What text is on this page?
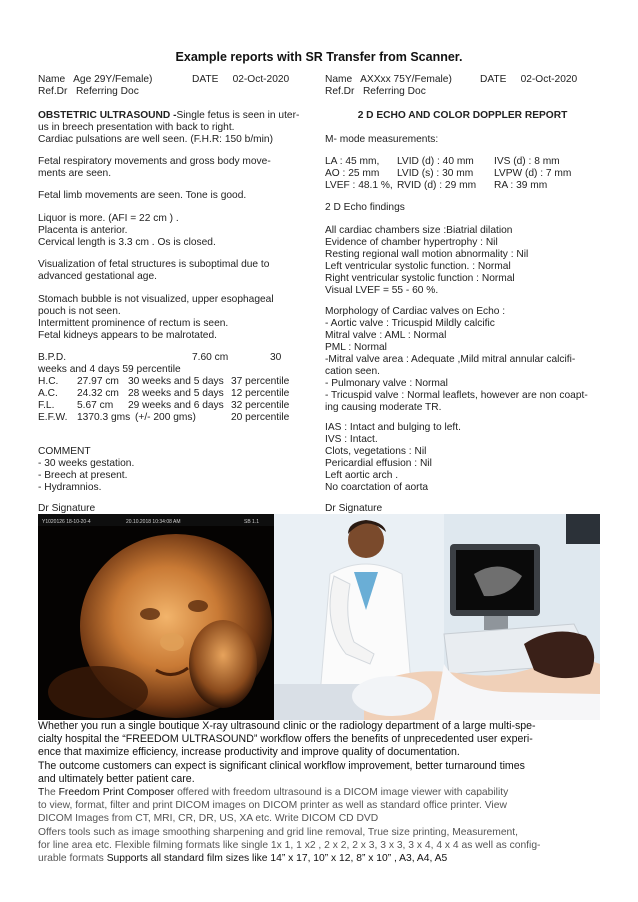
Example reports with SR Transfer from Scanner.
Name Age 29Y/Female)	DATE 02-Oct-2020
Ref.Dr Referring Doc
OBSTETRIC ULTRASOUND -Single fetus is seen in uter-
us in breech presentation with back to right.
Cardiac pulsations are well seen. (F.H.R: 150 b/min)
Fetal respiratory movements and gross body move-
ments are seen.
Fetal limb movements are seen. Tone is good.
Liquor is more. (AFI = 22 cm ) .
Placenta is anterior.
Cervical length is 3.3 cm . Os is closed.
Visualization of fetal structures is suboptimal due to
advanced gestational age.
Stomach bubble is not visualized, upper esophageal
pouch is not seen.
Intermittent prominence of rectum is seen.
Fetal kidneys appears to be malrotated.
B.P.D.	7.60 cm	30
weeks and 4 days 59 percentile
H.C. 27.97 cm 30 weeks and 5 days 37 percentile
A.C. 24.32 cm 28 weeks and 5 days 12 percentile
F.L. 5.67 cm 29 weeks and 6 days 32 percentile
E.F.W. 1370.3 gms (+/- 200 gms)	20 percentile
COMMENT
- 30 weeks gestation.
- Breech at present.
- Hydramnios.
Dr Signature
Name AXXxx 75Y/Female)	DATE 02-Oct-2020
Ref.Dr Referring Doc
2 D ECHO AND COLOR DOPPLER REPORT
M- mode measurements:
LA : 45 mm, LVID (d) : 40 mm IVS (d) : 8 mm
AO : 25 mm LVID (s) : 30 mm LVPW (d) : 7 mm
LVEF : 48.1 %, RVID (d) : 29 mm RA : 39 mm
2 D Echo findings
All cardiac chambers size :Biatrial dilation
Evidence of chamber hypertrophy : Nil
Resting regional wall motion abnormality : Nil
Left ventricular systolic function. : Normal
Right ventricular systolic function : Normal
Visual LVEF = 55 - 60 %.
Morphology of Cardiac valves on Echo :
- Aortic valve : Tricuspid Mildly calcific
Mitral valve : AML : Normal
PML : Normal
-Mitral valve area : Adequate ,Mild mitral annular calcifi-
cation seen.
- Pulmonary valve : Normal
- Tricuspid valve : Normal leaflets, however are non coapt-
ing causing moderate TR.
IAS : Intact and bulging to left.
IVS : Intact.
Clots, vegetations : Nil
Pericardial effusion : Nil
Left aortic arch .
No coarctation of aorta
Dr Signature
Y1020126 18-10-20-4	20.10.2018 10:34:08 AM	SB 1.1
Whether you run a single boutique X-ray ultrasound clinic or the radiology department of a large multi-spe-
cialty hospital the “FREEDOM ULTRASOUND” workflow offers the benefits of unprecedented user experi-
ence that maximize efficiency, increase productivity and improve quality of documentation.
The outcome customers can expect is significant clinical workflow improvement, better turnaround times
and ultimately better patient care.
The Freedom Print Composer offered with freedom ultrasound is a DICOM image viewer with capability
to view, format, filter and print DICOM images on DICOM printer as well as standard office printer. View
DICOM Images from CT, MRI, CR, DR, US, XA etc. Write DICOM CD DVD
Offers tools such as image smoothing sharpening and grid line removal, True size printing, Measurement,
for line area etc. Flexible filming formats like single 1x 1, 1 x2 , 2 x 2, 2 x 3, 3 x 3, 3 x 4, 4 x 4 as well as config-
urable formats Supports all standard film sizes like 14” x 17, 10” x 12, 8” x 10” , A3, A4, A5
